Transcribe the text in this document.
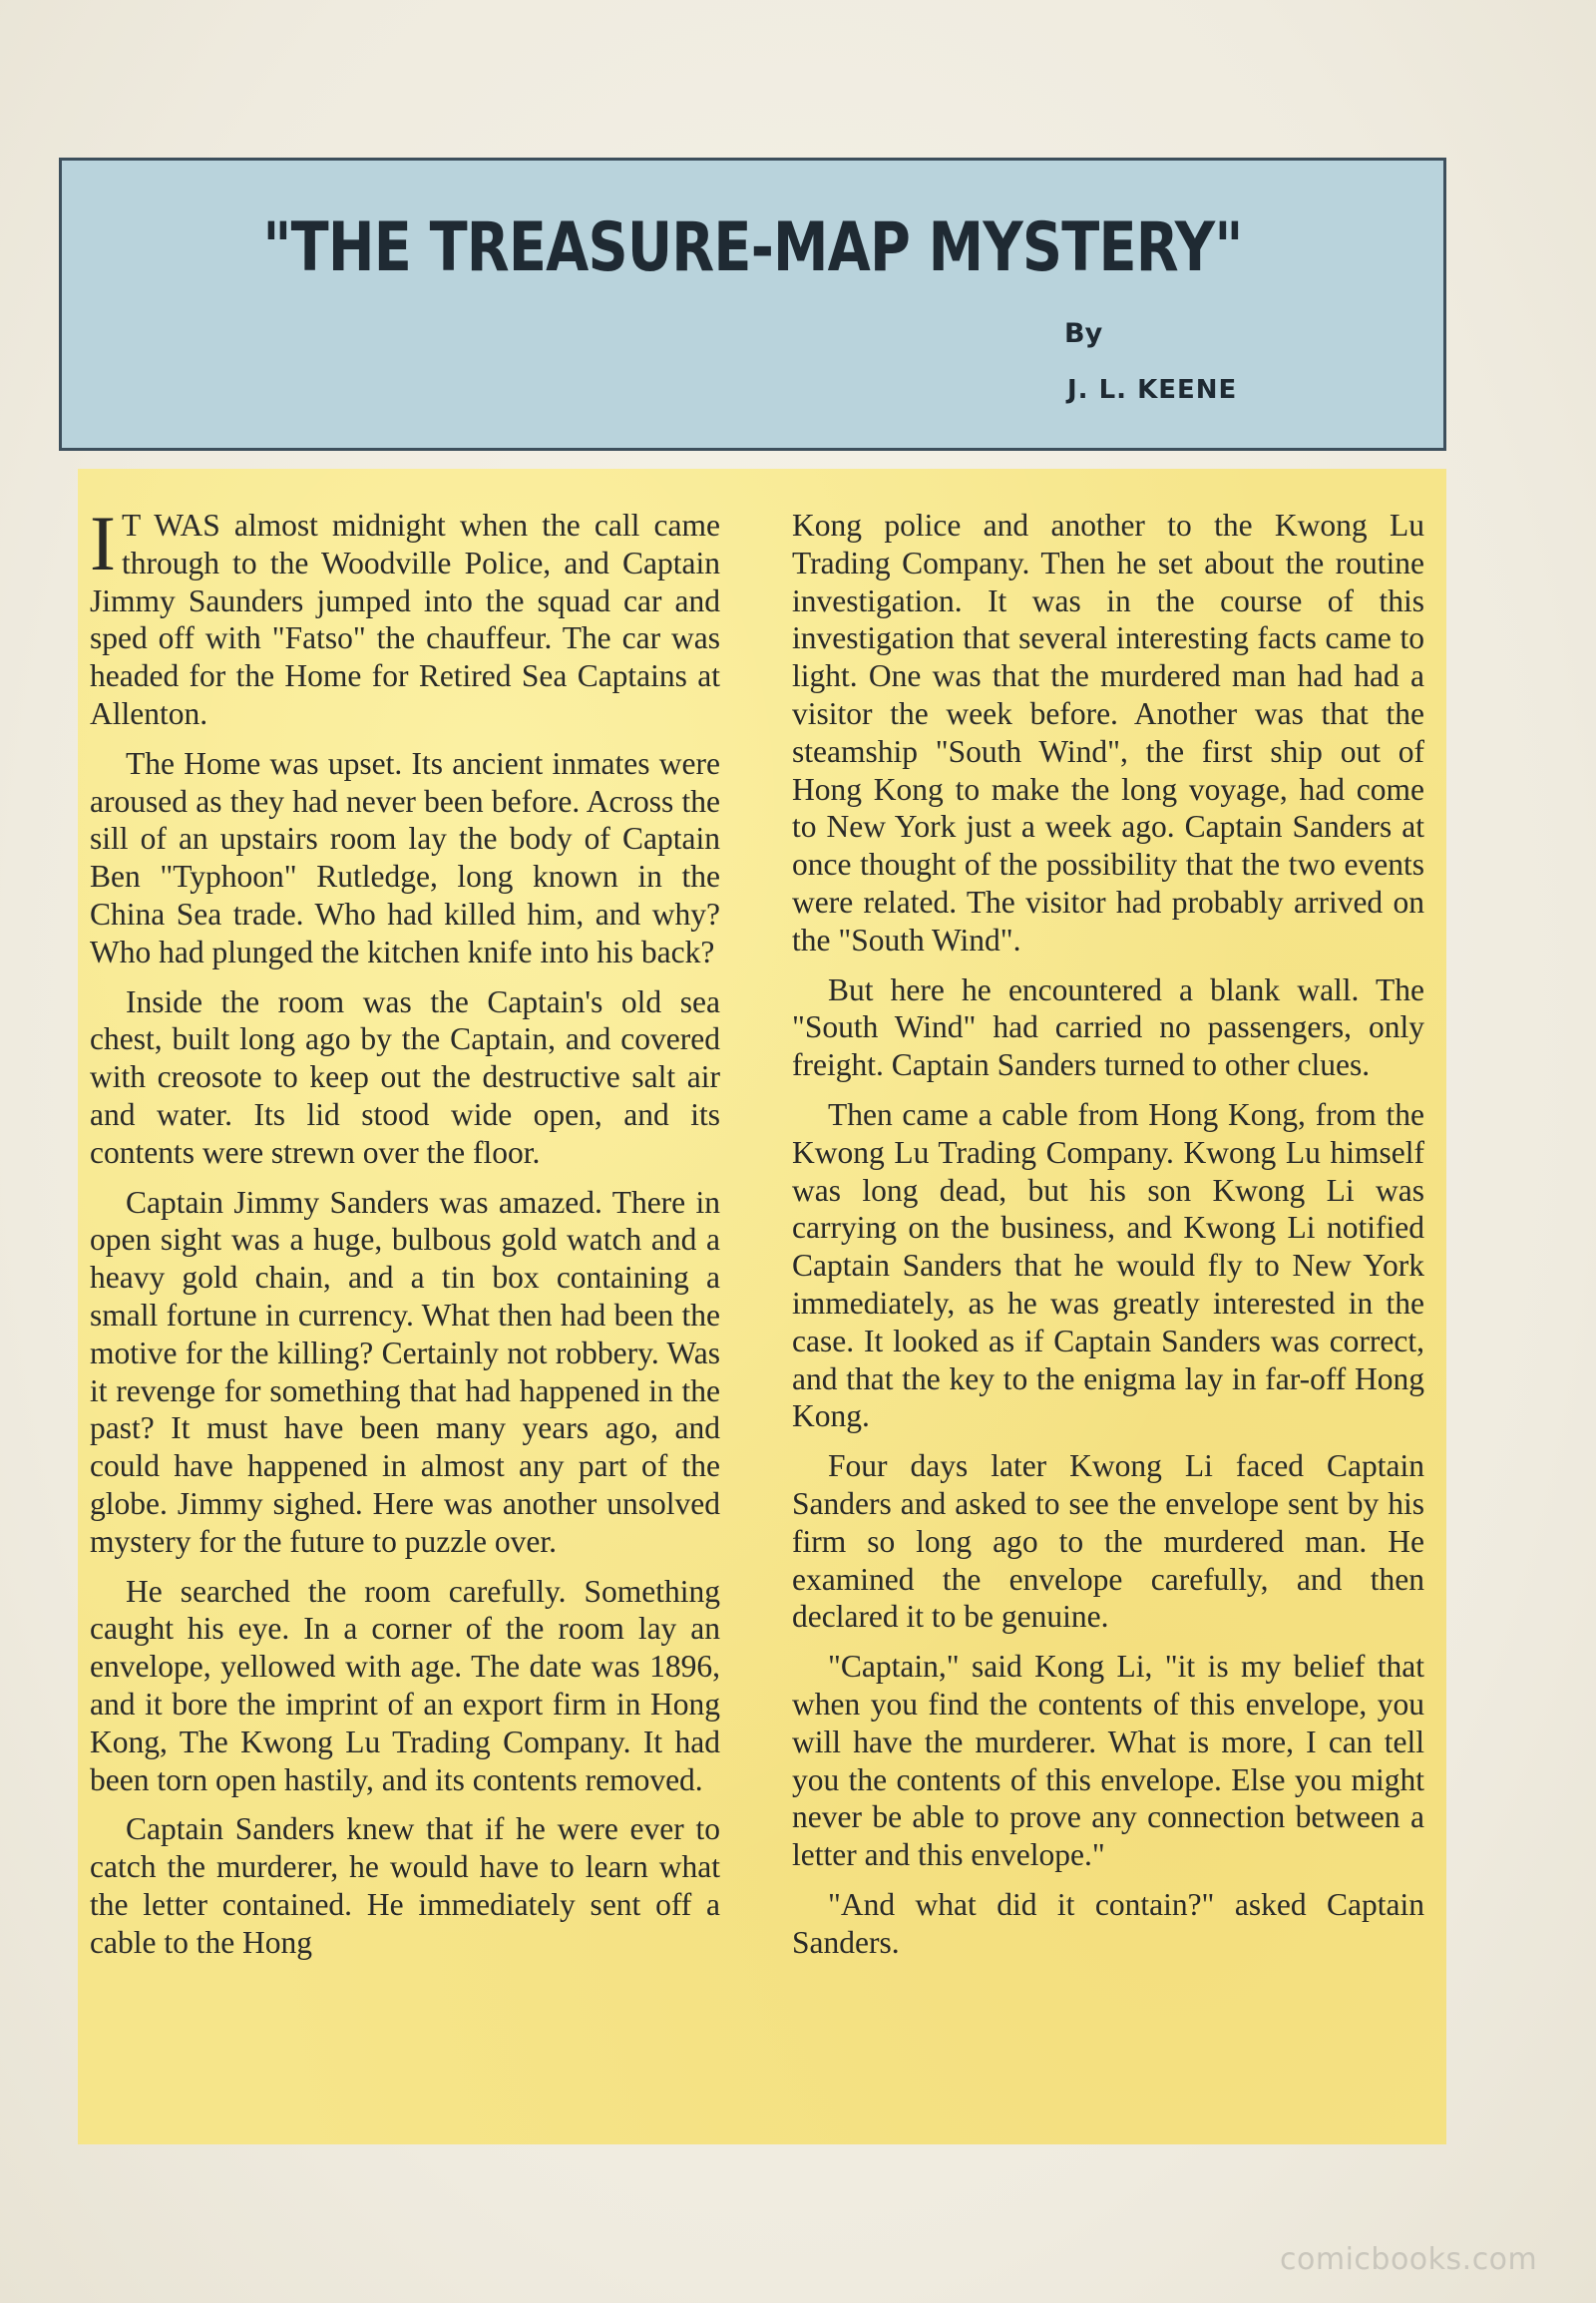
"THE TREASURE-MAP MYSTERY"
By
J. L. KEENE

I T WAS almost midnight when the call came through to the Woodville Police, and Captain Jimmy Saunders jumped into the squad car and sped off with "Fatso" the chauffeur. The car was headed for the Home for Retired Sea Captains at Allenton.

The Home was upset. Its ancient inmates were aroused as they had never been before. Across the sill of an upstairs room lay the body of Captain Ben "Typhoon" Rutledge, long known in the China Sea trade. Who had killed him, and why? Who had plunged the kitchen knife into his back?

Inside the room was the Captain's old sea chest, built long ago by the Captain, and covered with creosote to keep out the destructive salt air and water. Its lid stood wide open, and its contents were strewn over the floor.

Captain Jimmy Sanders was amazed. There in open sight was a huge, bulbous gold watch and a heavy gold chain, and a tin box containing a small fortune in currency. What then had been the motive for the killing? Certainly not robbery. Was it revenge for something that had happened in the past? It must have been many years ago, and could have happened in almost any part of the globe. Jimmy sighed. Here was another unsolved mystery for the future to puzzle over.

He searched the room carefully. Something caught his eye. In a corner of the room lay an envelope, yellowed with age. The date was 1896, and it bore the imprint of an export firm in Hong Kong, The Kwong Lu Trading Company. It had been torn open hastily, and its contents removed.

Captain Sanders knew that if he were ever to catch the murderer, he would have to learn what the letter contained. He immediately sent off a cable to the Hong

Kong police and another to the Kwong Lu Trading Company. Then he set about the routine investigation. It was in the course of this investigation that several interesting facts came to light. One was that the murdered man had had a visitor the week before. Another was that the steamship "South Wind", the first ship out of Hong Kong to make the long voyage, had come to New York just a week ago. Captain Sanders at once thought of the possibility that the two events were related. The visitor had probably arrived on the "South Wind".

But here he encountered a blank wall. The "South Wind" had carried no passengers, only freight. Captain Sanders turned to other clues.

Then came a cable from Hong Kong, from the Kwong Lu Trading Company. Kwong Lu himself was long dead, but his son Kwong Li was carrying on the business, and Kwong Li notified Captain Sanders that he would fly to New York immediately, as he was greatly interested in the case. It looked as if Captain Sanders was correct, and that the key to the enigma lay in far-off Hong Kong.

Four days later Kwong Li faced Captain Sanders and asked to see the envelope sent by his firm so long ago to the murdered man. He examined the envelope carefully, and then declared it to be genuine.

"Captain," said Kong Li, "it is my belief that when you find the contents of this envelope, you will have the murderer. What is more, I can tell you the contents of this envelope. Else you might never be able to prove any connection between a letter and this envelope."

"And what did it contain?" asked Captain Sanders.

comicbooks.com
